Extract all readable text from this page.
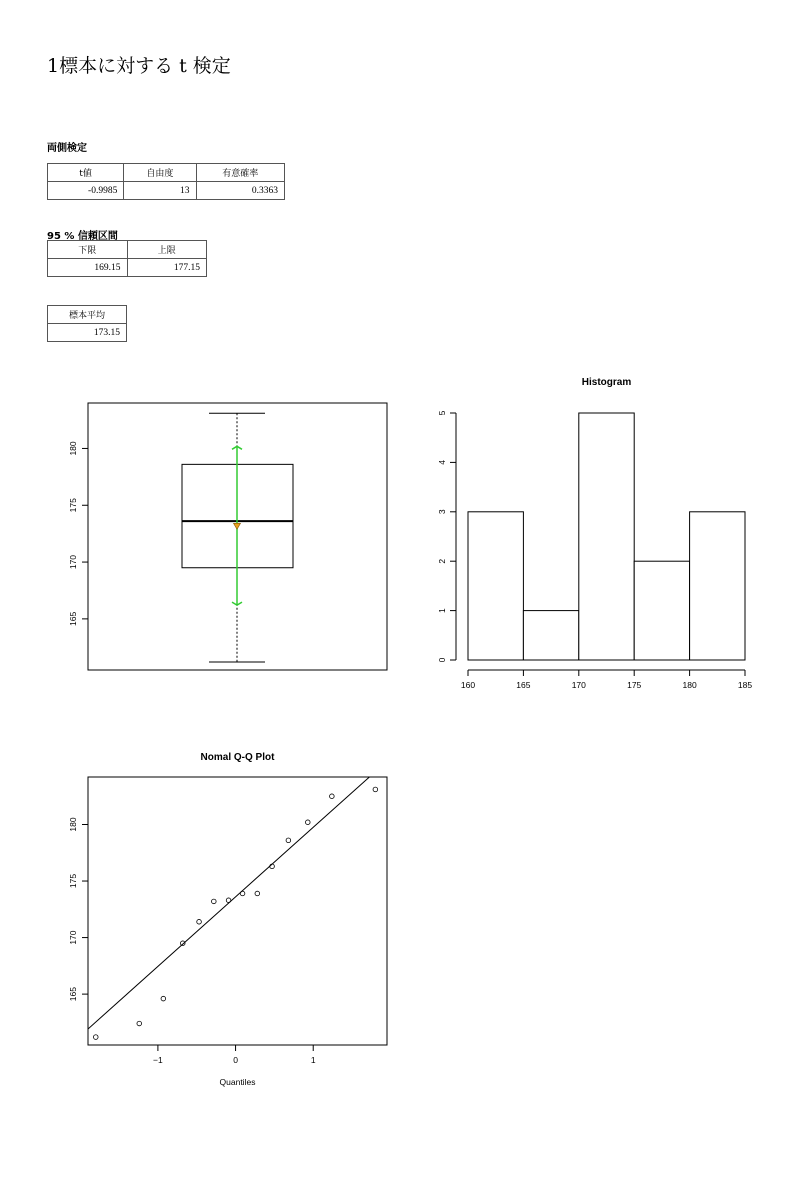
1標本に対する t 検定
両側検定
t値	自由度	有意確率
-0.9985	13	0.3363
95 % 信頼区間
下限	上限
169.15	177.15
標本平均
173.15
165
170
175
180
Histogram
0
1
2
3
4
5
160	165	170	175	180	185
Nomal Q-Q Plot
165
170
175
180
−1	0	1
Quantiles
